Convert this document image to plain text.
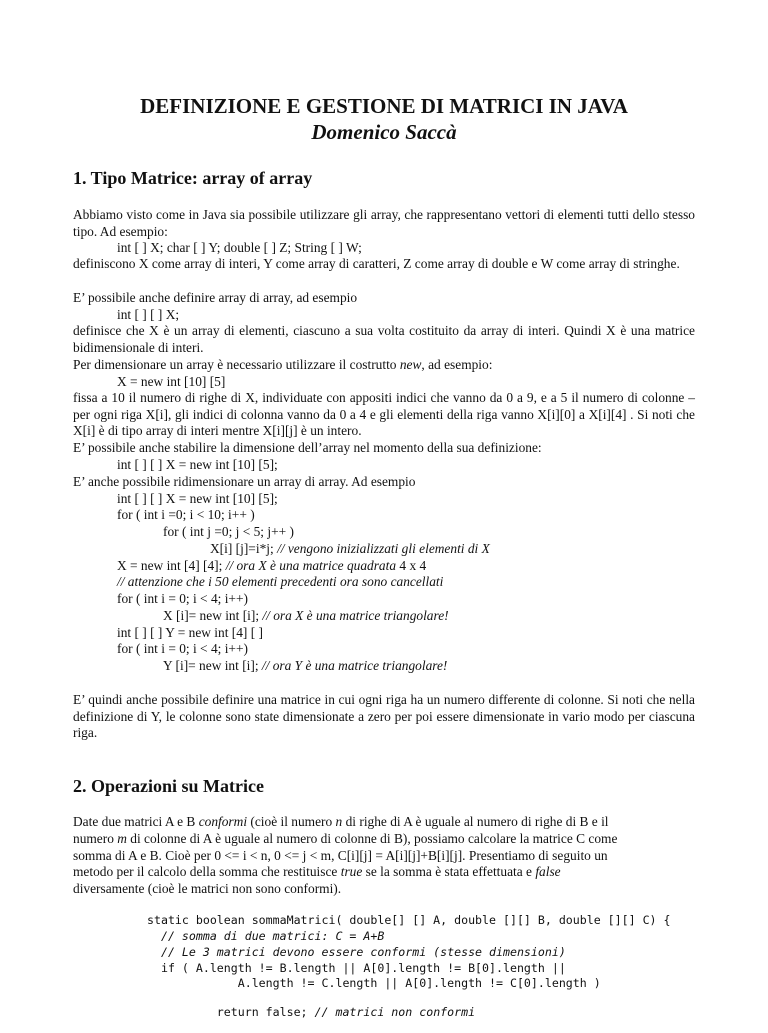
DEFINIZIONE E GESTIONE DI MATRICI IN JAVA
Domenico Saccà
1. Tipo Matrice: array of array
Abbiamo visto come in Java sia possibile utilizzare gli array, che rappresentano vettori di elementi tutti dello stesso tipo. Ad esempio:
int [ ] X; char [ ] Y; double [ ] Z; String [ ] W;
definiscono X come array di interi, Y come array di caratteri, Z come array di double e W come array di stringhe.
E’ possibile anche definire array di array, ad esempio
int [ ] [ ] X;
definisce che X è un array di elementi, ciascuno a sua volta costituito da array di interi. Quindi X è una matrice bidimensionale di interi.
Per dimensionare un array è necessario utilizzare il costrutto new, ad esempio:
X = new int [10] [5]
fissa a 10 il numero di righe di X, individuate con appositi indici che vanno da 0 a 9, e a 5 il numero di colonne – per ogni riga X[i], gli indici di colonna vanno da 0 a 4 e gli elementi della riga vanno X[i][0] a X[i][4] . Si noti che X[i] è di tipo array di interi mentre X[i][j] è un intero.
E’ possibile anche stabilire la dimensione dell’array nel momento della sua definizione:
int [ ] [ ] X = new int [10] [5];
E’ anche possibile ridimensionare un array di array. Ad esempio
int [ ] [ ] X = new int [10] [5];
for ( int i =0; i < 10; i++ )
for ( int j =0; j < 5; j++ )
X[i] [j]=i*j; // vengono inizializzati gli elementi di X
X = new int [4] [4]; // ora X è una matrice quadrata 4 x 4
// attenzione che i 50 elementi precedenti ora sono cancellati
for ( int i = 0; i < 4; i++)
X [i]= new int [i]; // ora X è una matrice triangolare!
int [ ] [ ] Y = new int [4] [ ]
for ( int i = 0; i < 4; i++)
Y [i]= new int [i]; // ora Y è una matrice triangolare!
E’ quindi anche possibile definire una matrice in cui ogni riga ha un numero differente di colonne. Si noti che nella definizione di Y, le colonne sono state dimensionate a zero per poi essere dimensionate in vario modo per ciascuna riga.
2. Operazioni su Matrice
Date due matrici A e B conformi (cioè il numero n di righe di A è uguale al numero di righe di B e il
numero m di colonne di A è uguale al numero di colonne di B), possiamo calcolare la matrice C come
somma di A e B. Cioè per 0 <= i < n, 0 <= j < m, C[i][j] = A[i][j]+B[i][j]. Presentiamo di seguito un
metodo per il calcolo della somma che restituisce true se la somma è stata effettuata e false
diversamente (cioè le matrici non sono conformi).
static boolean sommaMatrici( double[] [] A, double [][] B, double [][] C) {
// somma di due matrici: C = A+B
// Le 3 matrici devono essere conformi (stesse dimensioni)
if ( A.length != B.length || A[0].length != B[0].length ||
A.length != C.length || A[0].length != C[0].length )

return false; // matrici non conformi
